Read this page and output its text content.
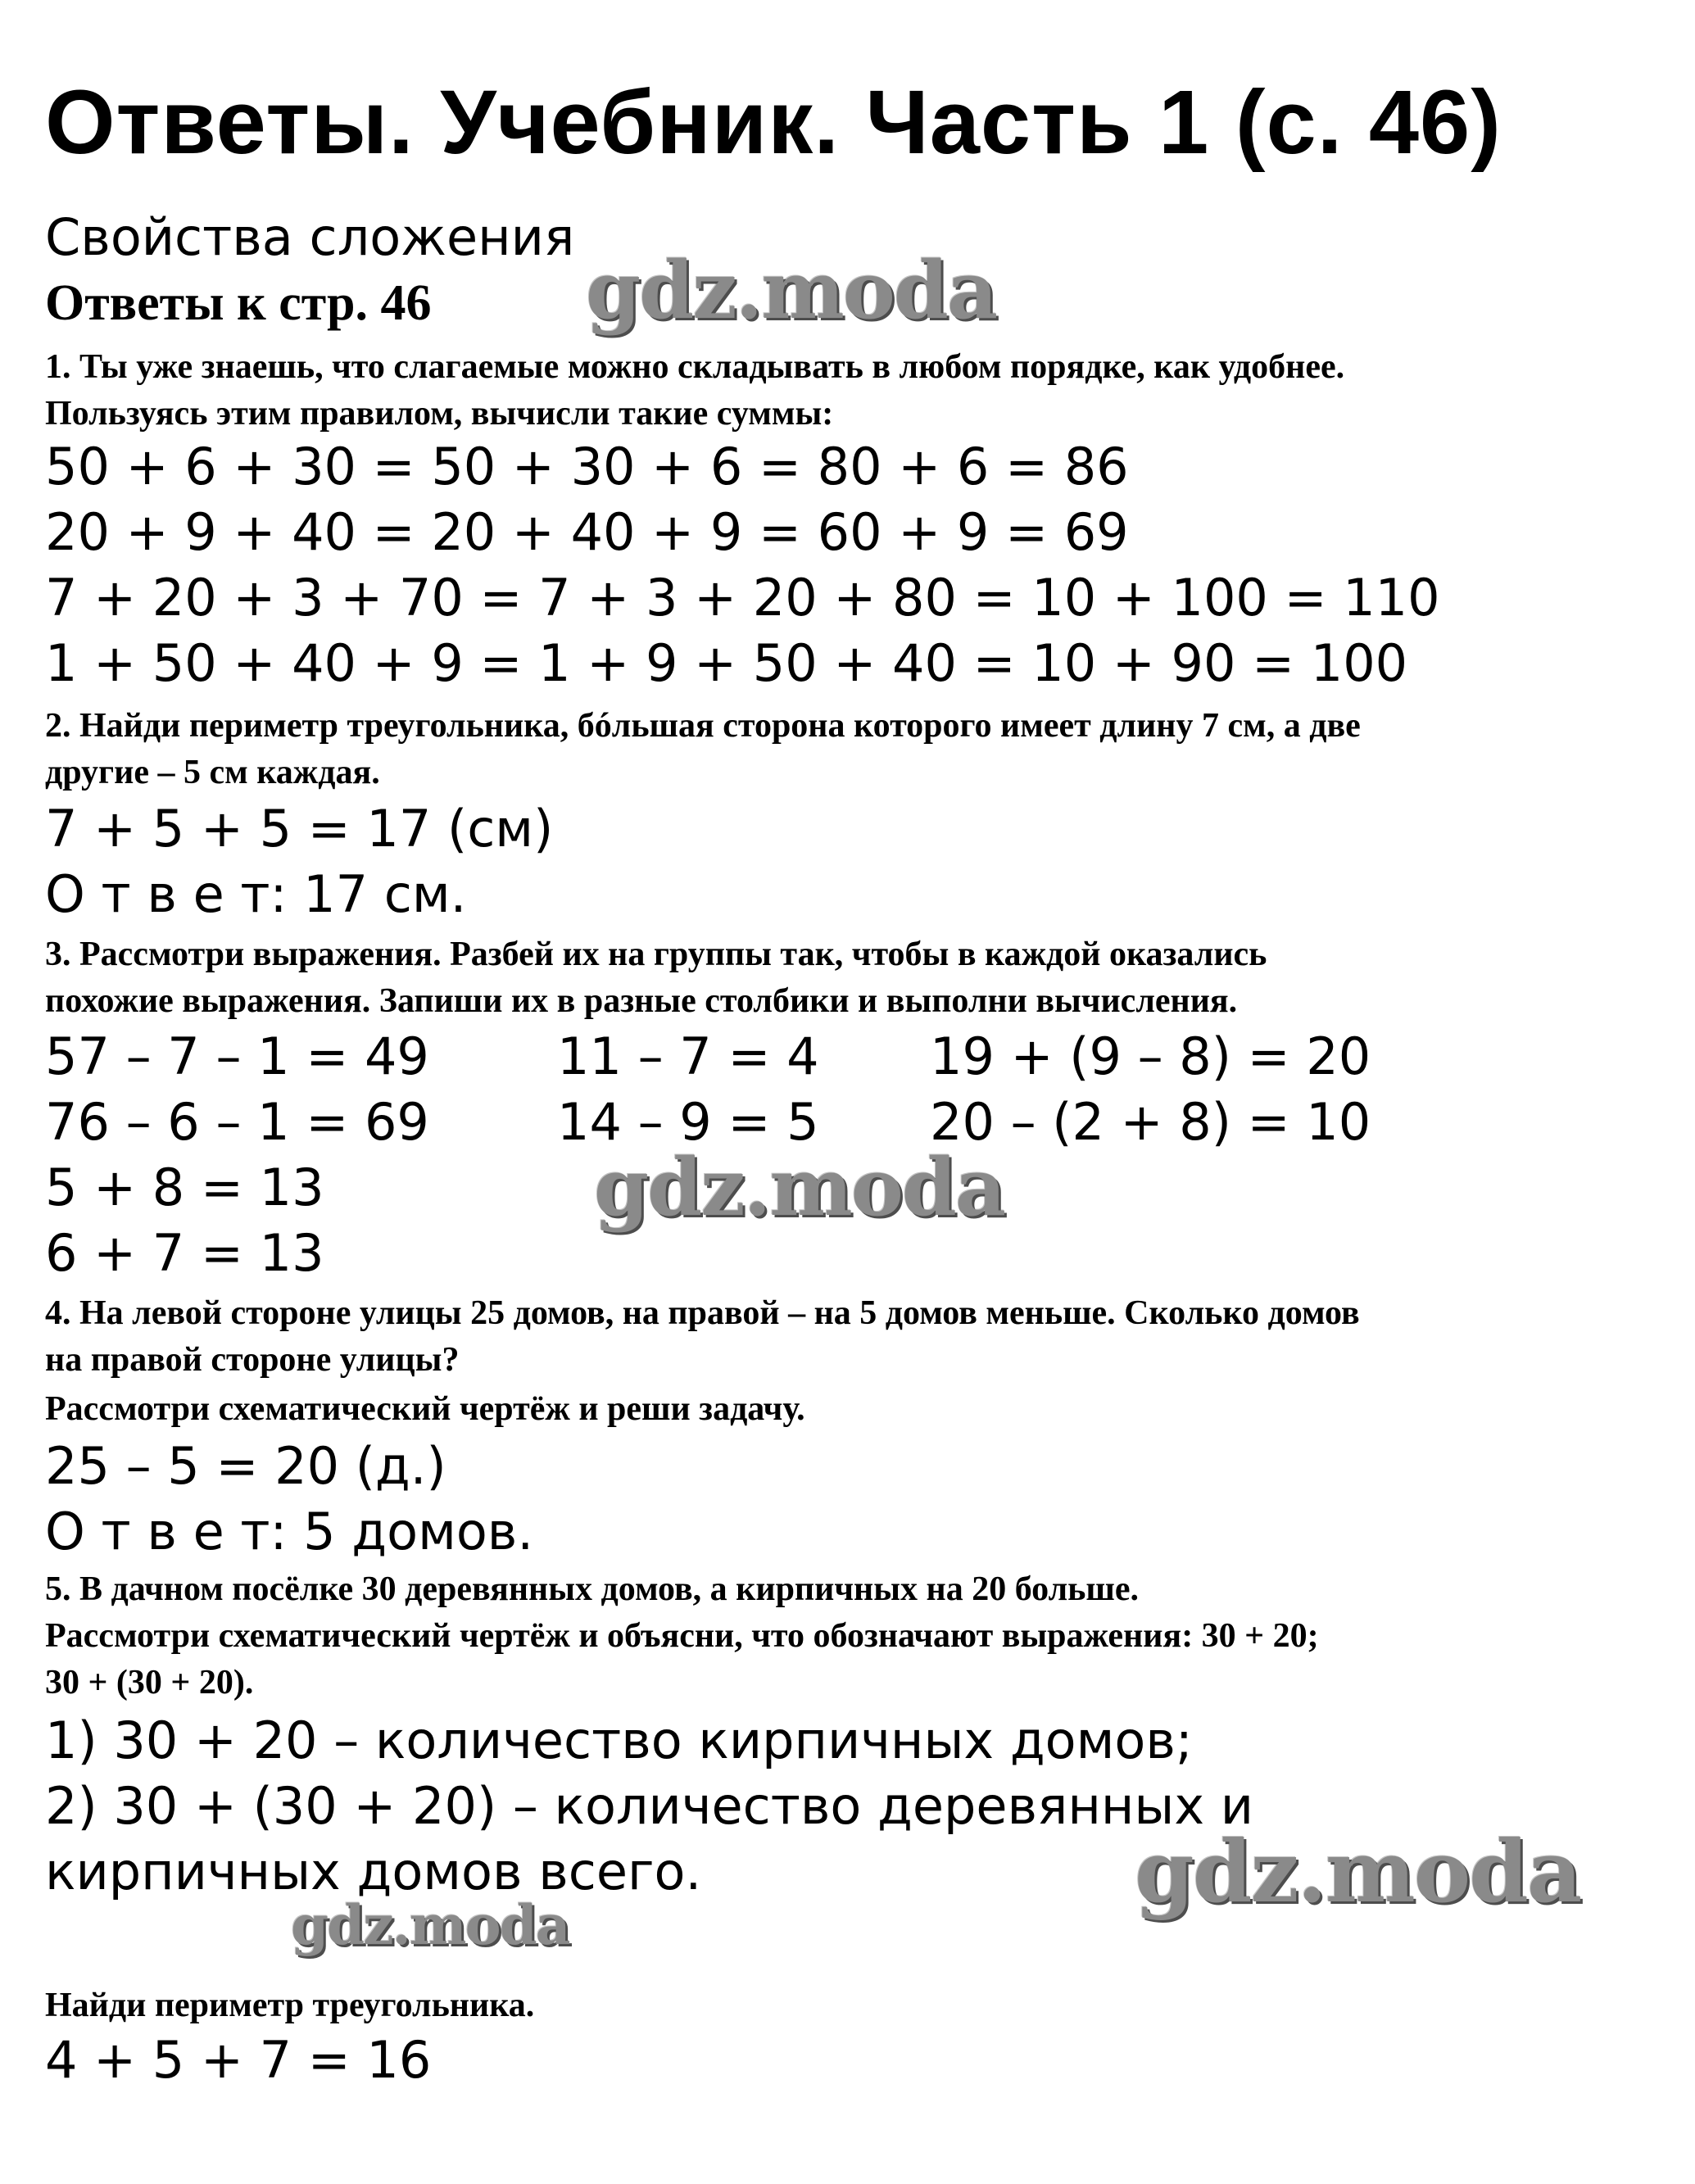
Ответы. Учебник. Часть 1 (с. 46)
Свойства сложения
Ответы к стр. 46
1. Ты уже знаешь, что слагаемые можно складывать в любом порядке, как удобнее.
Пользуясь этим правилом, вычисли такие суммы:
50 + 6 + 30 = 50 + 30 + 6 = 80 + 6 = 86
20 + 9 + 40 = 20 + 40 + 9 = 60 + 9 = 69
7 + 20 + 3 + 70 = 7 + 3 + 20 + 80 = 10 + 100 = 110
1 + 50 + 40 + 9 = 1 + 9 + 50 + 40 = 10 + 90 = 100
2. Найди периметр треугольника, бóльшая сторона которого имеет длину 7 см, а две
другие – 5 см каждая.
7 + 5 + 5 = 17 (см)
О т в е т: 17 см.
3. Рассмотри выражения. Разбей их на группы так, чтобы в каждой оказались
похожие выражения. Запиши их в разные столбики и выполни вычисления.
57 – 7 – 1 = 49
76 – 6 – 1 = 69
5 + 8 = 13
6 + 7 = 13
11 – 7 = 4
14 – 9 = 5
19 + (9 – 8) = 20
20 – (2 + 8) = 10
4. На левой стороне улицы 25 домов, на правой – на 5 домов меньше. Сколько домов
на правой стороне улицы?
Рассмотри схематический чертёж и реши задачу.
25 – 5 = 20 (д.)
О т в е т: 5 домов.
5. В дачном посёлке 30 деревянных домов, а кирпичных на 20 больше.
Рассмотри схематический чертёж и объясни, что обозначают выражения: 30 + 20;
30 + (30 + 20).
1) 30 + 20 – количество кирпичных домов;
2) 30 + (30 + 20) – количество деревянных и
кирпичных домов всего.
Найди периметр треугольника.
4 + 5 + 7 = 16
gdz.moda
gdz.moda
gdz.moda
gdz.moda
